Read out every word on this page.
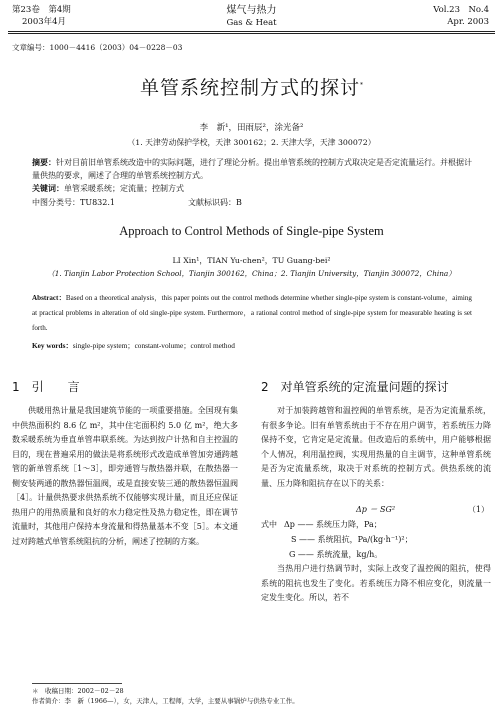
第23卷　第4期
2003年4月
煤气与热力
Gas & Heat
Vol.23　No.4
Apr. 2003
文章编号：1000－4416（2003）04－0228－03
单管系统控制方式的探讨*
李　新¹，田雨辰²，涂光备²
（1. 天津劳动保护学校，天津 300162；2. 天津大学，天津 300072）
摘要：针对目前旧单管系统改造中的实际问题，进行了理论分析。提出单管系统的控制方式取决定是否定流量运行。并根据计量供热的要求，阐述了合理的单管系统控制方式。
关键词：单管采暖系统；定流量；控制方式
中图分类号：TU832.1	文献标识码：B
Approach to Control Methods of Single-pipe System
LI Xin¹，TIAN Yu-chen²，TU Guang-bei²
（1. Tianjin Labor Protection School，Tianjin 300162，China；2. Tianjin University，Tianjin 300072，China）
Abstract：Based on a theoretical analysis，this paper points out the control methods determine whether single-pipe system is constant-volume，aiming at practical problems in alteration of old single-pipe system. Furthermore，a rational control method of single-pipe system for measurable heating is set forth.
Key words：single-pipe system；constant-volume；control method
1　引　　言

供暖用热计量是我国建筑节能的一项重要措施。全国现有集中供热面积约 8.6 亿 m²，其中住宅面积约 5.0 亿 m²，绝大多数采暖系统为垂直单管串联系统。为达到按户计热和自主控温的目的，现在普遍采用的做法是将系统形式改造成单管加旁通跨越管的新单管系统［1～3］，即旁通管与散热器并联，在散热器一侧安装两通的散热器恒温阀，或是直接安装三通的散热器恒温阀［4］。计量供热要求供热系统不仅能够实现计量，而且还应保证热用户的用热质量和良好的水力稳定性及热力稳定性，即在调节流量时，其他用户保持本身流量和得热量基本不变［5］。本文通过对跨越式单管系统阻抗的分析，阐述了控制的方案。

2　对单管系统的定流量问题的探讨

对于加装跨越管和温控阀的单管系统，是否为定流量系统，有很多争论。旧有单管系统由于不存在用户调节，若系统压力降保持不变，它肯定是定流量。但改造后的系统中，用户能够根据个人情况，利用温控阀，实现用热量的自主调节，这种单管系统是否为定流量系统，取决于对系统的控制方式。供热系统的流量、压力降和阻抗存在以下的关系：

Δp ＝ SG²	（1）
式中 Δp —— 系统压力降，Pa；
S —— 系统阻抗，Pa/(kg·h⁻¹)²；
G —— 系统流量，kg/h。

当热用户进行热调节时，实际上改变了温控阀的阻抗，使得系统的阻抗也发生了变化。若系统压力降不相应变化，则流量一定发生变化。所以，若不

＊　收稿日期：2002－02－28
作者简介：李　新（1966—），女，天津人，工程师，大学，主要从事锅炉与供热专业工作。
